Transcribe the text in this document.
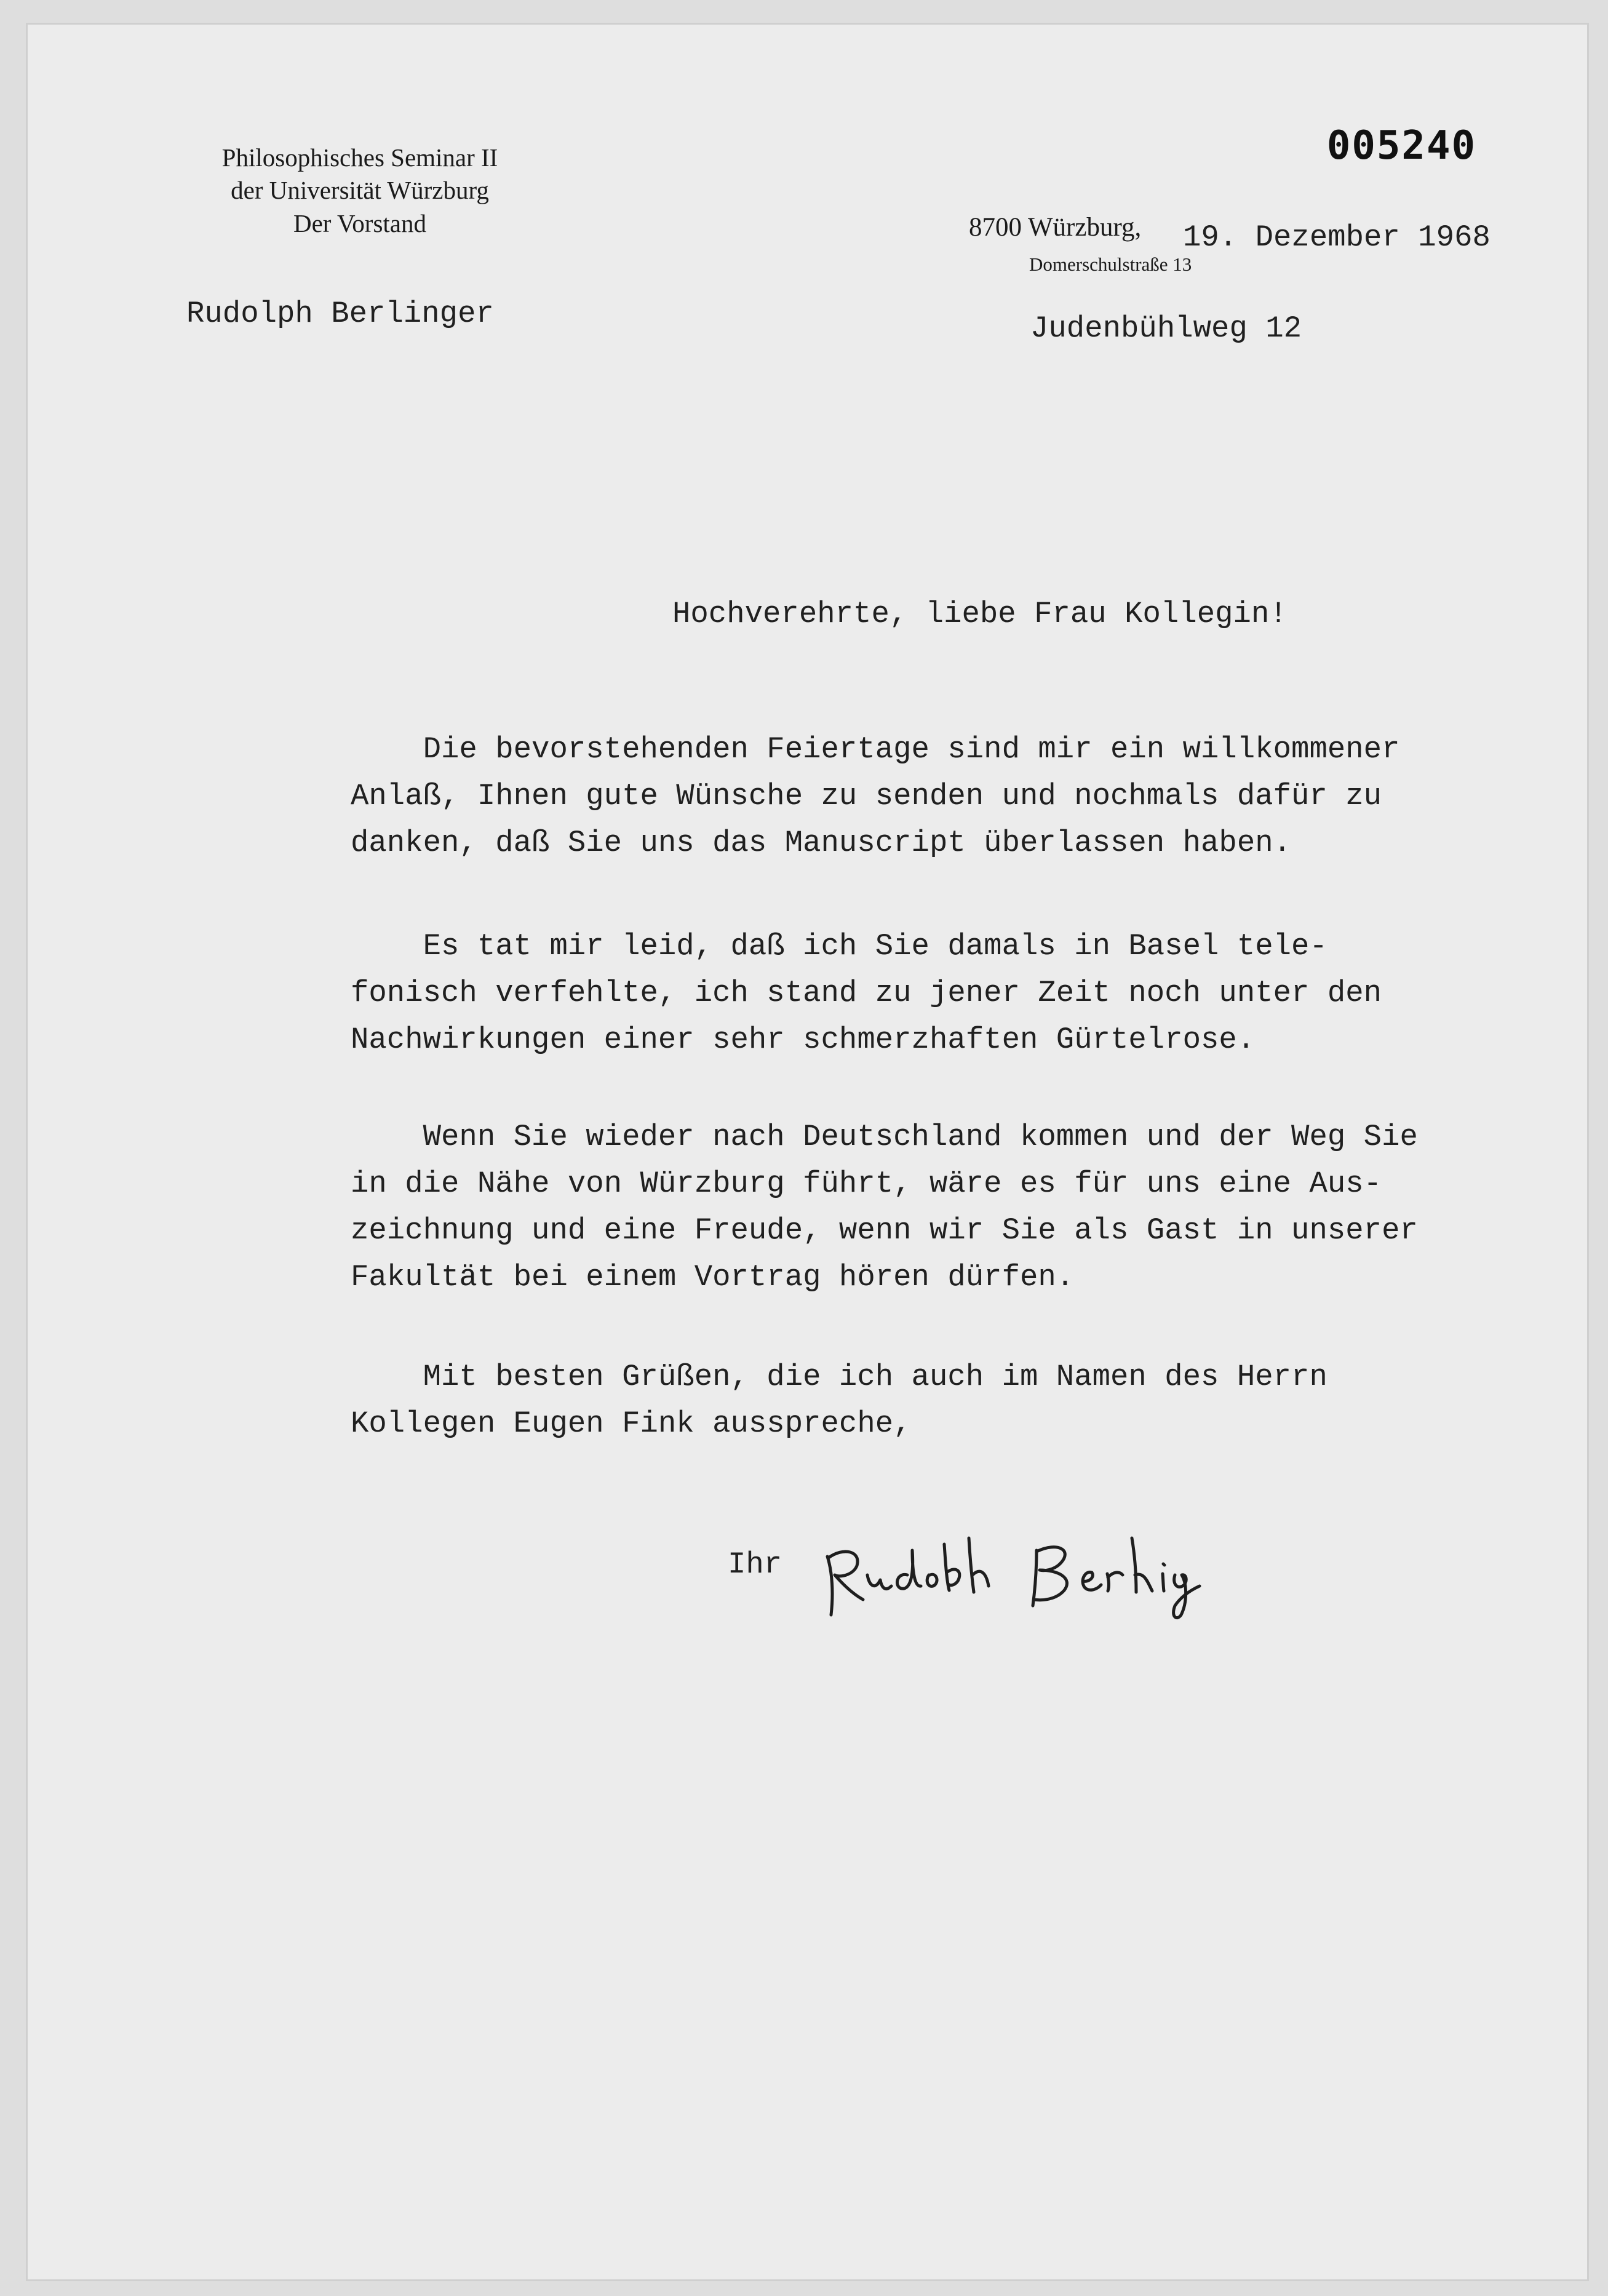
005240
Philosophisches Seminar II
der Universität Würzburg
Der Vorstand
Rudolph Berlinger
8700 Würzburg, 19. Dezember 1968
Domerschulstraße 13
Judenbühlweg 12
Hochverehrte, liebe Frau Kollegin!
Die bevorstehenden Feiertage sind mir ein willkommener
Anlaß, Ihnen gute Wünsche zu senden und nochmals dafür zu
danken, daß Sie uns das Manuscript überlassen haben.
Es tat mir leid, daß ich Sie damals in Basel tele-
fonisch verfehlte, ich stand zu jener Zeit noch unter den
Nachwirkungen einer sehr schmerzhaften Gürtelrose.
Wenn Sie wieder nach Deutschland kommen und der Weg Sie
in die Nähe von Würzburg führt, wäre es für uns eine Aus-
zeichnung und eine Freude, wenn wir Sie als Gast in unserer
Fakultät bei einem Vortrag hören dürfen.
Mit besten Grüßen, die ich auch im Namen des Herrn
Kollegen Eugen Fink ausspreche,
Ihr
